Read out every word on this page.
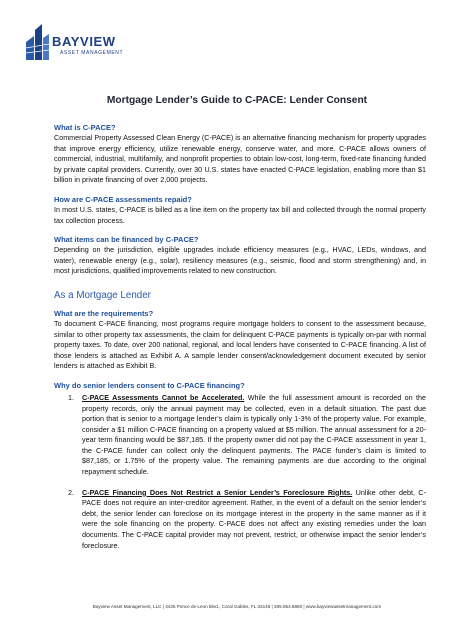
BAYVIEW
ASSET MANAGEMENT
Mortgage Lender’s Guide to C-PACE: Lender Consent
What is C-PACE?

Commercial Property Assessed Clean Energy (C-PACE) is an alternative financing mechanism for property upgrades that improve energy efficiency, utilize renewable energy, conserve water, and more. C-PACE allows owners of commercial, industrial, multifamily, and nonprofit properties to obtain low-cost, long-term, fixed-rate financing funded by private capital providers. Currently, over 30 U.S. states have enacted C-PACE legislation, enabling more than $1 billion in private financing of over 2,000 projects.

How are C-PACE assessments repaid?

In most U.S. states, C-PACE is billed as a line item on the property tax bill and collected through the normal property tax collection process.

What items can be financed by C-PACE?

Depending on the jurisdiction, eligible upgrades include efficiency measures (e.g., HVAC, LEDs, windows, and water), renewable energy (e.g., solar), resiliency measures (e.g., seismic, flood and storm strengthening) and, in most jurisdictions, qualified improvements related to new construction.

As a Mortgage Lender
What are the requirements?

To document C-PACE financing, most programs require mortgage holders to consent to the assessment because, similar to other property tax assessments, the claim for delinquent C-PACE payments is typically on-par with normal property taxes. To date, over 200 national, regional, and local lenders have consented to C-PACE financing. A list of those lenders is attached as Exhibit A. A sample lender consent/acknowledgement document executed by senior lenders is attached as Exhibit B.

Why do senior lenders consent to C-PACE financing?
1.	C-PACE Assessments Cannot be Accelerated. While the full assessment amount is recorded on the property records, only the annual payment may be collected, even in a default situation. The past due portion that is senior to a mortgage lender’s claim is typically only 1-3% of the property value. For example, consider a $1 million C-PACE financing on a property valued at $5 million. The annual assessment for a 20-year term financing would be $87,185. If the property owner did not pay the C-PACE assessment in year 1, the C-PACE funder can collect only the delinquent payments. The PACE funder’s claim is limited to $87,185, or 1.75% of the property value. The remaining payments are due according to the original repayment schedule.
2.	C-PACE Financing Does Not Restrict a Senior Lender’s Foreclosure Rights. Unlike other debt, C-PACE does not require an inter-creditor agreement. Rather, in the event of a default on the senior lender’s debt, the senior lender can foreclose on its mortgage interest in the property in the same manner as if it were the sole financing on the property. C-PACE does not affect any existing remedies under the loan documents. The C-PACE capital provider may not prevent, restrict, or otherwise impact the senior lender’s foreclosure.
Bayview Asset Management, LLC | 4425 Ponce de Leon Blvd., Coral Gables, FL 33146 | 305.854.8880 | www.bayviewassetmanagement.com
